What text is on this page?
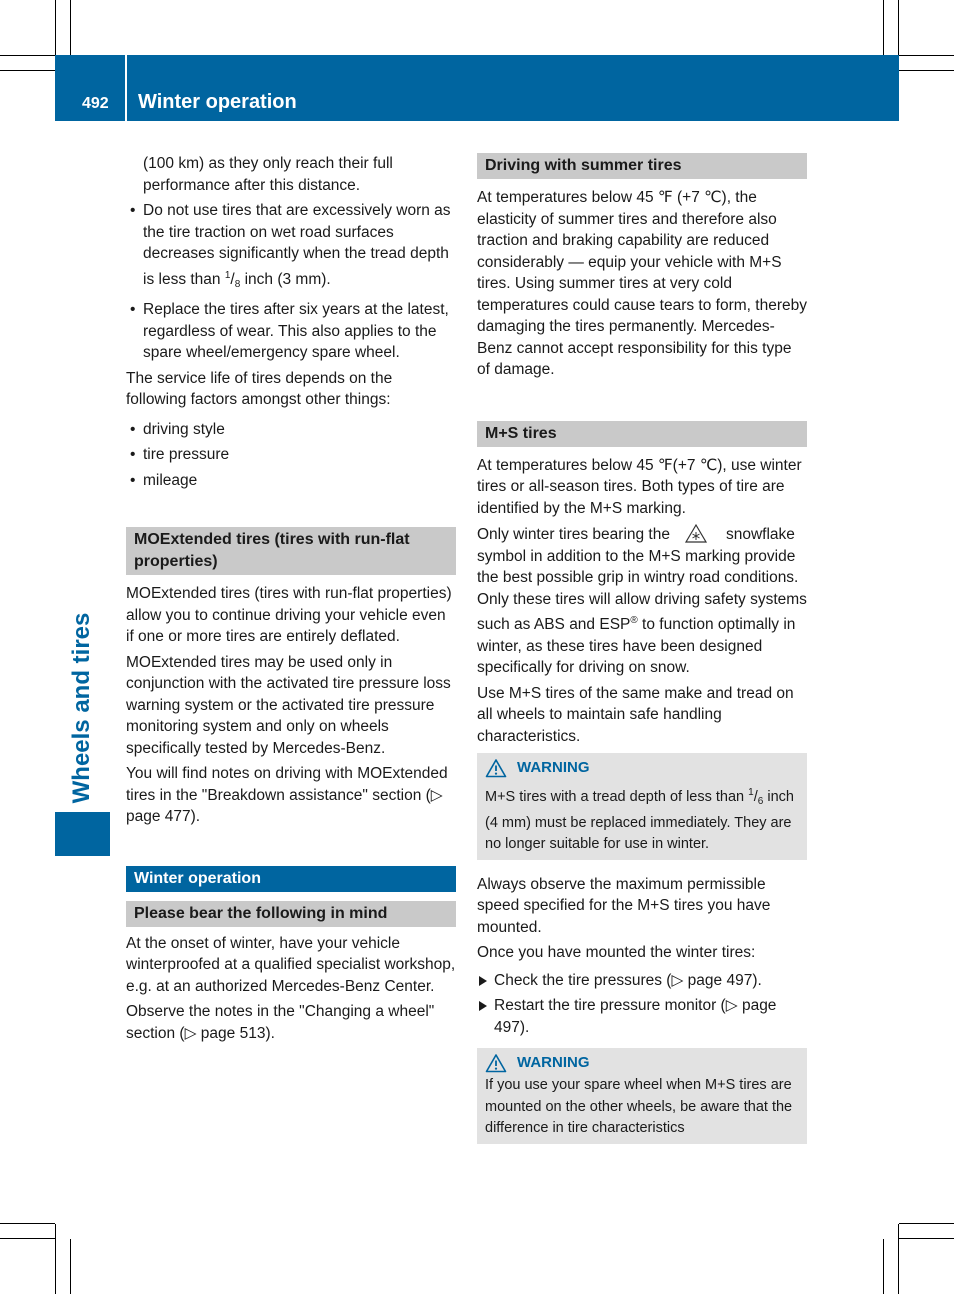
492 Winter operation
Wheels and tires
(100 km) as they only reach their full performance after this distance.
• Do not use tires that are excessively worn as the tire traction on wet road surfaces decreases significantly when the tread depth is less than $^1/_8$ inch (3 mm).
• Replace the tires after six years at the latest, regardless of wear. This also applies to the spare wheel/emergency spare wheel.
The service life of tires depends on the following factors amongst other things:
• driving style
• tire pressure
• mileage
MOExtended tires (tires with run-flat properties)
MOExtended tires (tires with run-flat properties) allow you to continue driving your vehicle even if one or more tires are entirely deflated.
MOExtended tires may be used only in conjunction with the activated tire pressure loss warning system or the activated tire pressure monitoring system and only on wheels specifically tested by Mercedes-Benz.
You will find notes on driving with MOExtended tires in the "Breakdown assistance" section (▷ page 477).
Winter operation
Please bear the following in mind
At the onset of winter, have your vehicle winterproofed at a qualified specialist workshop, e.g. at an authorized Mercedes-Benz Center.
Observe the notes in the "Changing a wheel" section (▷ page 513).
Driving with summer tires
At temperatures below 45 ℉ (+7 ℃), the elasticity of summer tires and therefore also traction and braking capability are reduced considerably — equip your vehicle with M+S tires. Using summer tires at very cold temperatures could cause tears to form, thereby damaging the tires permanently. Mercedes-Benz cannot accept responsibility for this type of damage.
M+S tires
At temperatures below 45 ℉(+7 ℃), use winter tires or all-season tires. Both types of tire are identified by the M+S marking.
Only winter tires bearing the	snowflake symbol in addition to the M+S marking provide the best possible grip in wintry road conditions. Only these tires will allow driving safety systems such as ABS and ESP® to function optimally in winter, as these tires have been designed specifically for driving on snow.
Use M+S tires of the same make and tread on all wheels to maintain safe handling characteristics.
WARNING
M+S tires with a tread depth of less than $^1/_6$ inch (4 mm) must be replaced immediately. They are no longer suitable for use in winter.
Always observe the maximum permissible speed specified for the M+S tires you have mounted.
Once you have mounted the winter tires:
Check the tire pressures (▷ page 497).
Restart the tire pressure monitor (▷ page 497).
WARNING
If you use your spare wheel when M+S tires are mounted on the other wheels, be aware that the difference in tire characteristics
